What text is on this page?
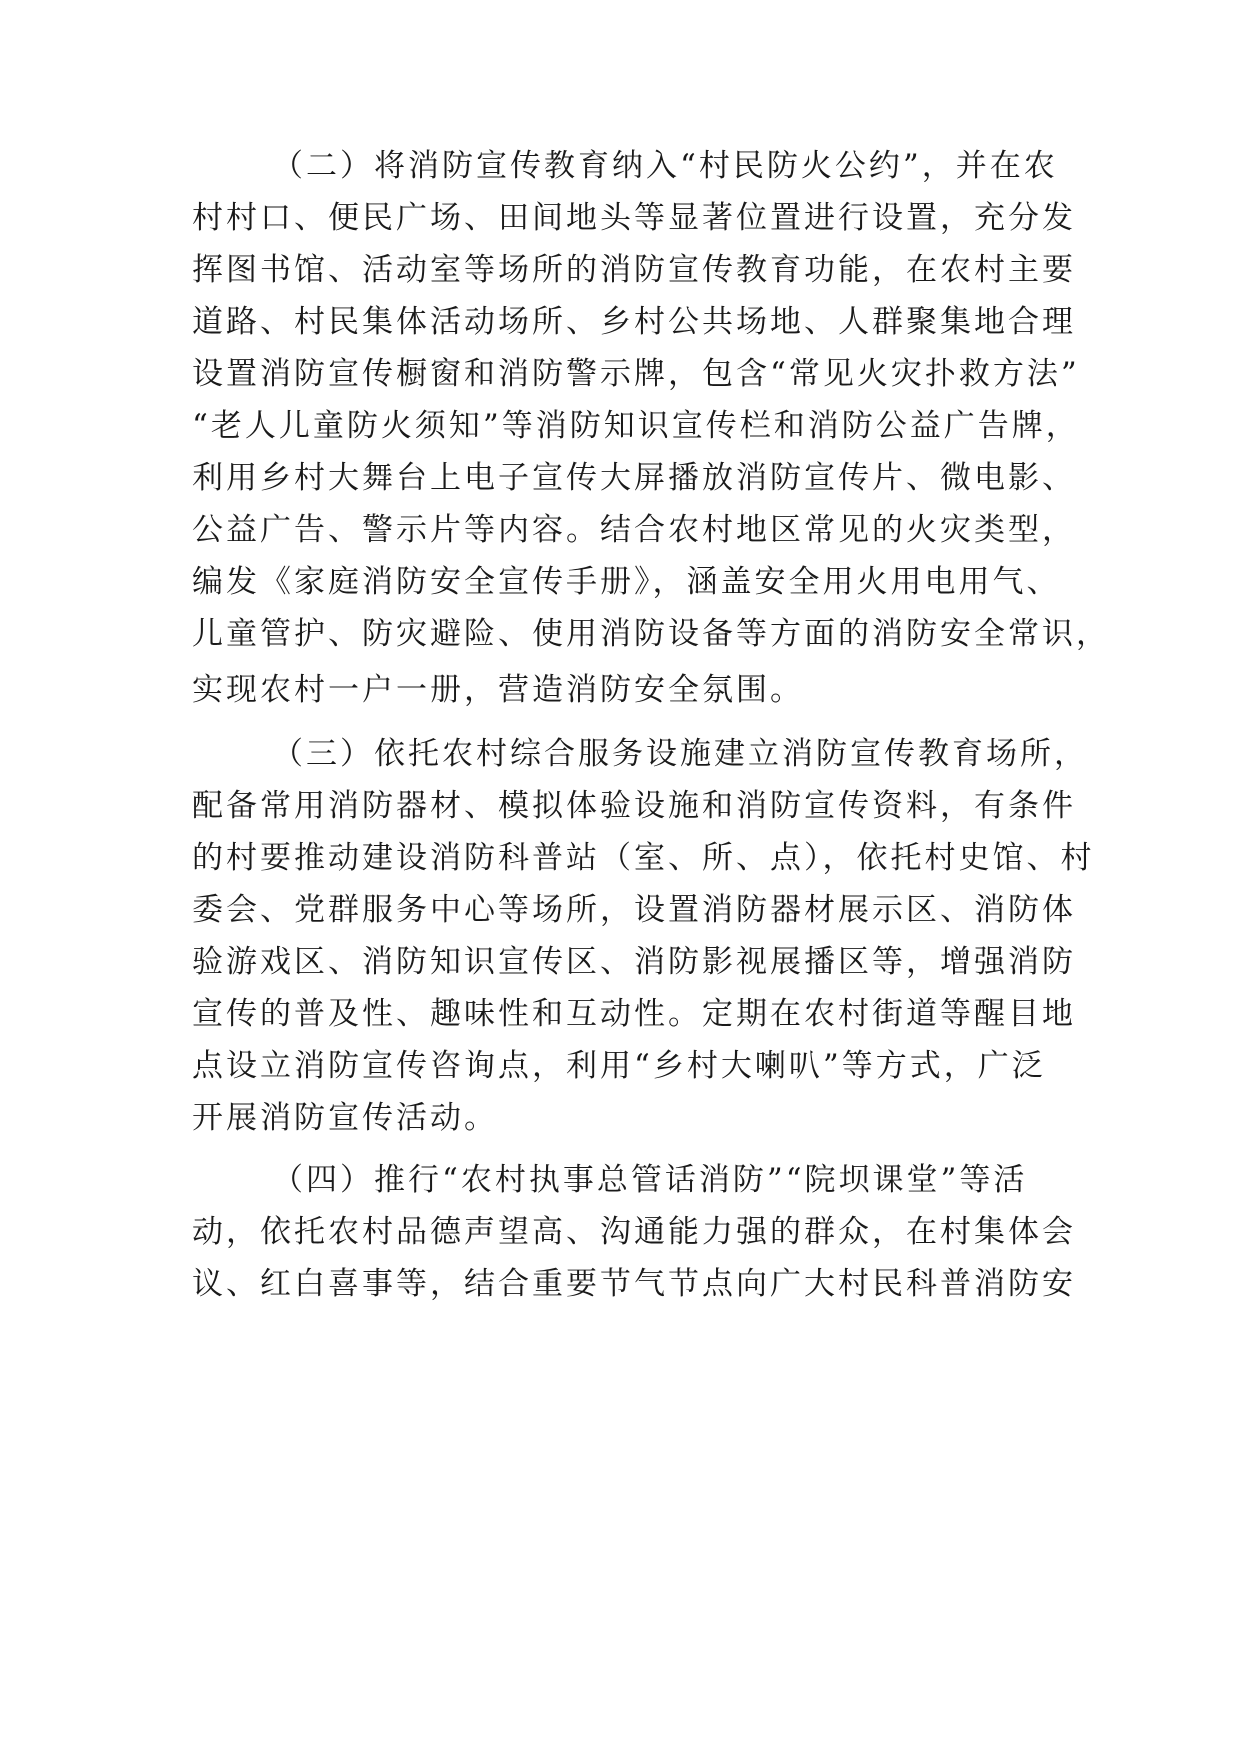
（二）将消防宣传教育纳入“村民防火公约”，并在农
村村口、便民广场、田间地头等显著位置进行设置，充分发
挥图书馆、活动室等场所的消防宣传教育功能，在农村主要
道路、村民集体活动场所、乡村公共场地、人群聚集地合理
设置消防宣传橱窗和消防警示牌，包含“常见火灾扑救方法”
“老人儿童防火须知”等消防知识宣传栏和消防公益广告牌，
利用乡村大舞台上电子宣传大屏播放消防宣传片、微电影、
公益广告、警示片等内容。结合农村地区常见的火灾类型，
编发《家庭消防安全宣传手册》，涵盖安全用火用电用气、
儿童管护、防灾避险、使用消防设备等方面的消防安全常识，
实现农村一户一册，营造消防安全氛围。
（三）依托农村综合服务设施建立消防宣传教育场所，
配备常用消防器材、模拟体验设施和消防宣传资料，有条件
的村要推动建设消防科普站（室、所、点），依托村史馆、村
委会、党群服务中心等场所，设置消防器材展示区、消防体
验游戏区、消防知识宣传区、消防影视展播区等，增强消防
宣传的普及性、趣味性和互动性。定期在农村街道等醒目地
点设立消防宣传咨询点，利用“乡村大喇叭”等方式，广泛
开展消防宣传活动。
（四）推行“农村执事总管话消防”“院坝课堂”等活
动，依托农村品德声望高、沟通能力强的群众，在村集体会
议、红白喜事等，结合重要节气节点向广大村民科普消防安
